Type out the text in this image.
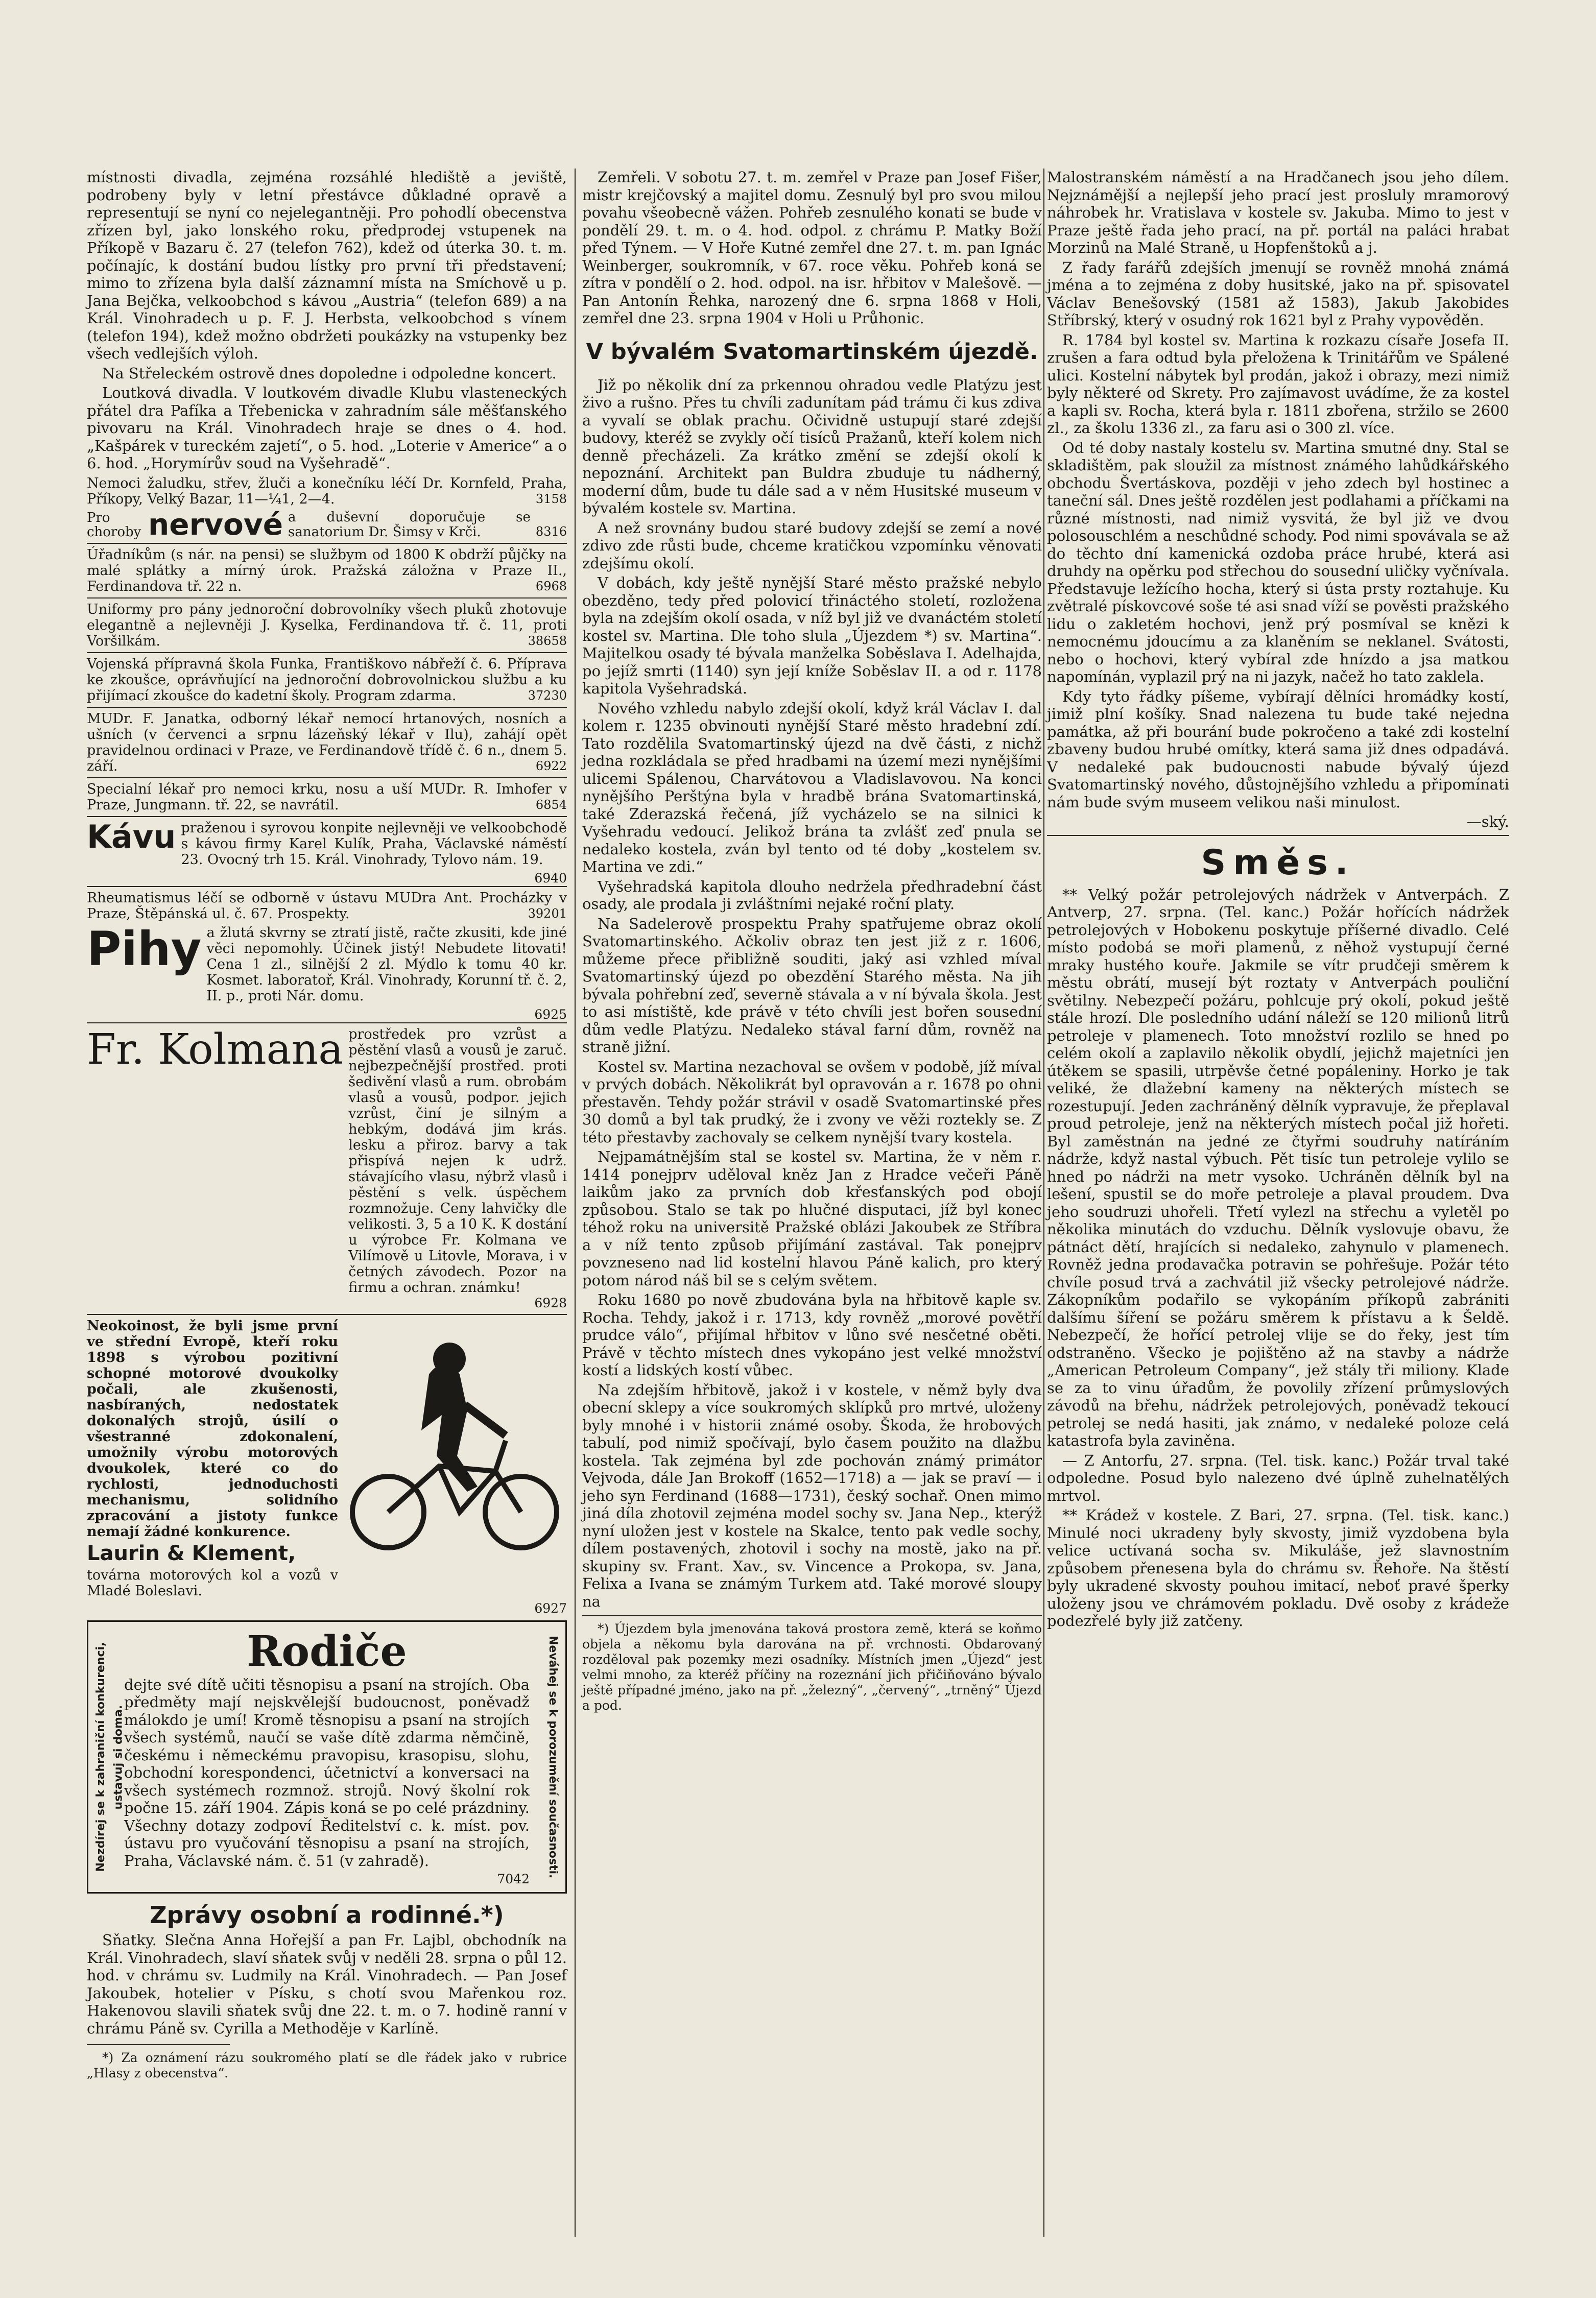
místnosti divadla, zejména rozsáhlé hlediště a jeviště, podrobeny byly v letní přestávce důkladné opravě a representují se nyní co nejelegantněji. Pro pohodlí obecenstva zřízen byl, jako lonského roku, předprodej vstupenek na Příkopě v Bazaru č. 27 (telefon 762), kdež od úterka 30. t. m. počínajíc, k dostání budou lístky pro první tři představení; mimo to zřízena byla další záznamní místa na Smíchově u p. Jana Bejčka, velkoobchod s kávou „Austria“ (telefon 689) a na Král. Vinohradech u p. F. J. Herbsta, velkoobchod s vínem (telefon 194), kdež možno obdržeti poukázky na vstupenky bez všech vedlejších výloh.

Na Střeleckém ostrově dnes dopoledne i odpoledne koncert.

Loutková divadla. V loutkovém divadle Klubu vlasteneckých přátel dra Pafíka a Třebenicka v zahradním sále měšťanského pivovaru na Král. Vinohradech hraje se dnes o 4. hod. „Kašpárek v tureckém zajetí“, o 5. hod. „Loterie v Americe“ a o 6. hod. „Horymírův soud na Vyšehradě“.

Nemoci žaludku, střev, žluči a konečníku léčí Dr. Kornfeld, Praha, Příkopy, Velký Bazar, 11—¼1, 2—4.	3158

Pro choroby nervové a duševní doporučuje se sanatorium Dr. Šimsy v Krči.	8316

Úřadníkům (s nár. na pensi) se službym od 1800 K obdrží půjčky na malé splátky a mírný úrok. Pražská záložna v Praze II., Ferdinandova tř. 22 n.	6968

Uniformy pro pány jednoroční dobrovolníky všech pluků zhotovuje elegantně a nejlevněji J. Kyselka, Ferdinandova tř. č. 11, proti Voršilkám.	38658

Vojenská přípravná škola Funka, Františkovo nábřeží č. 6. Příprava ke zkoušce, oprávňující na jednoroční dobrovolnickou službu a ku přijímací zkoušce do kadetní školy. Program zdarma.	37230

MUDr. F. Janatka, odborný lékař nemocí hrtanových, nosních a ušních (v červenci a srpnu lázeňský lékař v Ilu), zahájí opět pravidelnou ordinaci v Praze, ve Ferdinandově třídě č. 6 n., dnem 5. září.	6922

Specialní lékař pro nemoci krku, nosu a uší MUDr. R. Imhofer v Praze, Jungmann. tř. 22, se navrátil.	6854

Kávu praženou i syrovou konpite nejlevněji ve velkoobchodě s kávou firmy Karel Kulík, Praha, Václavské náměstí 23. Ovocný trh 15. Král. Vinohrady, Tylovo nám. 19.
6940

Rheumatismus léčí se odborně v ústavu MUDra Ant. Procházky v Praze, Štěpánská ul. č. 67. Prospekty.	39201

Pihy a žlutá skvrny se ztratí jistě, račte zkusiti, kde jiné věci nepomohly. Účinek jistý! Nebudete litovati! Cena 1 zl., silnější 2 zl. Mýdlo k tomu 40 kr. Kosmet. laboratoř, Král. Vinohrady, Korunní tř. č. 2, II. p., proti Nár. domu.
6925
Fr. Kolmana prostředek pro vzrůst a pěstění vlasů a vousů je zaruč. nejbezpečnější prostřed. proti šedivění vlasů a rum. obrobám vlasů a vousů, podpor. jejich vzrůst, činí je silným a hebkým, dodává jim krás. lesku a přiroz. barvy a tak přispívá nejen k udrž. stávajícího vlasu, nýbrž vlasů i pěstění s velk. úspěchem rozmnožuje. Ceny lahvičky dle velikosti. 3, 5 a 10 K. K dostání u výrobce Fr. Kolmana ve Vilímově u Litovle, Morava, i v četných závodech. Pozor na firmu a ochran. známku!
6928

Neokoinost, že byli jsme první ve střední Evropě, kteří roku 1898 s výrobou pozitivní schopné motorové dvoukolky počali, ale zkušenosti, nasbíraných, nedostatek dokonalých strojů, úsilí o všestranné zdokonalení, umožnily výrobu motorových dvoukolek, které co do rychlosti, jednoduchosti mechanismu, solidního zpracování a jistoty funkce nemají žádné konkurence.

Laurin & Klement,

továrna motorových kol a vozů v Mladé Boleslavi.

6927
Nezdírej se k zahraniční konkurenci, ustavuj si doma.	Neváhej se k porozumění současnosti.
Rodiče

dejte své dítě učiti těsnopisu a psaní na strojích. Oba předměty mají nejskvělejší budoucnost, poněvadž málokdo je umí! Kromě těsnopisu a psaní na strojích všech systémů, naučí se vaše dítě zdarma němčině, českému i německému pravopisu, krasopisu, slohu, obchodní korespondenci, účetnictví a konversaci na všech systémech rozmnož. strojů. Nový školní rok počne 15. září 1904. Zápis koná se po celé prázdniny. Všechny dotazy zodpoví Ředitelství c. k. míst. pov. ústavu pro vyučování těsnopisu a psaní na strojích, Praha, Václavské nám. č. 51 (v zahradě).

7042
Zprávy osobní a rodinné.*)

Sňatky. Slečna Anna Hořejší a pan Fr. Lajbl, obchodník na Král. Vinohradech, slaví sňatek svůj v neděli 28. srpna o půl 12. hod. v chrámu sv. Ludmily na Král. Vinohradech. — Pan Josef Jakoubek, hotelier v Písku, s chotí svou Mařenkou roz. Hakenovou slavili sňatek svůj dne 22. t. m. o 7. hodině ranní v chrámu Páně sv. Cyrilla a Methoděje v Karlíně.

*) Za oznámení rázu soukromého platí se dle řádek jako v rubrice „Hlasy z obecenstva“.

Zemřeli. V sobotu 27. t. m. zemřel v Praze pan Josef Fišer, mistr krejčovský a majitel domu. Zesnulý byl pro svou milou povahu všeobecně vážen. Pohřeb zesnulého konati se bude v pondělí 29. t. m. o 4. hod. odpol. z chrámu P. Matky Boží před Týnem. — V Hoře Kutné zemřel dne 27. t. m. pan Ignác Weinberger, soukromník, v 67. roce věku. Pohřeb koná se zítra v pondělí o 2. hod. odpol. na isr. hřbitov v Malešově. — Pan Antonín Řehka, narozený dne 6. srpna 1868 v Holi, zemřel dne 23. srpna 1904 v Holi u Průhonic.

V bývalém Svatomartinském újezdě.

Již po několik dní za prkennou ohradou vedle Platýzu jest živo a rušno. Přes tu chvíli zadunítam pád trámu či kus zdiva a vyvalí se oblak prachu. Očividně ustupují staré zdejší budovy, kteréž se zvykly očí tisíců Pražanů, kteří kolem nich denně přecházeli. Za krátko změní se zdejší okolí k nepoznání. Architekt pan Buldra zbuduje tu nádherný, moderní dům, bude tu dále sad a v něm Husitské museum v bývalém kostele sv. Martina.

A než srovnány budou staré budovy zdejší se zemí a nové zdivo zde růsti bude, chceme kratičkou vzpomínku věnovati zdejšímu okolí.

V dobách, kdy ještě nynější Staré město pražské nebylo obezděno, tedy před polovicí třináctého století, rozložena byla na zdejším okolí osada, v níž byl již ve dvanáctém století kostel sv. Martina. Dle toho slula „Újezdem *) sv. Martina“. Majitelkou osady té bývala manželka Soběslava I. Adelhajda, po jejíž smrti (1140) syn její kníže Soběslav II. a od r. 1178 kapitola Vyšehradská.

Nového vzhledu nabylo zdejší okolí, když král Václav I. dal kolem r. 1235 obvinouti nynější Staré město hradební zdí. Tato rozdělila Svatomartinský újezd na dvě části, z nichž jedna rozkládala se před hradbami na území mezi nynějšími ulicemi Spálenou, Charvátovou a Vladislavovou. Na konci nynějšího Perštýna byla v hradbě brána Svatomartinská, také Zderazská řečená, jíž vycházelo se na silnici k Vyšehradu vedoucí. Jelikož brána ta zvlášť zeď pnula se nedaleko kostela, zván byl tento od té doby „kostelem sv. Martina ve zdi.“

Vyšehradská kapitola dlouho nedržela předhradební část osady, ale prodala ji zvláštními nejaké roční platy.

Na Sadelerově prospektu Prahy spatřujeme obraz okolí Svatomartinského. Ačkoliv obraz ten jest již z r. 1606, můžeme přece přibližně souditi, jaký asi vzhled míval Svatomartinský újezd po obezdění Starého města. Na jih bývala pohřební zeď, severně stávala a v ní bývala škola. Jest to asi místiště, kde právě v této chvíli jest bořen sousední dům vedle Platýzu. Nedaleko stával farní dům, rovněž na straně jižní.

Kostel sv. Martina nezachoval se ovšem v podobě, jíž míval v prvých dobách. Několikrát byl opravován a r. 1678 po ohni přestavěn. Tehdy požár strávil v osadě Svatomartinské přes 30 domů a byl tak prudký, že i zvony ve věži roztekly se. Z této přestavby zachovaly se celkem nynější tvary kostela.

Nejpamátnějším stal se kostel sv. Martina, že v něm r. 1414 ponejprv uděloval kněz Jan z Hradce večeři Páně laikům jako za prvních dob křesťanských pod obojí způsobou. Stalo se tak po hlučné disputaci, jíž byl konec téhož roku na universitě Pražské oblázi Jakoubek ze Stříbra a v níž tento způsob přijímání zastával. Tak ponejprv povzneseno nad lid kostelní hlavou Páně kalich, pro který potom národ náš bil se s celým světem.

Roku 1680 po nově zbudována byla na hřbitově kaple sv. Rocha. Tehdy, jakož i r. 1713, kdy rovněž „morové povětří prudce válo“, přijímal hřbitov v lůno své nesčetné oběti. Právě v těchto místech dnes vykopáno jest velké množství kostí a lidských kostí vůbec.

Na zdejším hřbitově, jakož i v kostele, v němž byly dva obecní sklepy a více soukromých sklípků pro mrtvé, uloženy byly mnohé i v historii známé osoby. Škoda, že hrobových tabulí, pod nimiž spočívají, bylo časem použito na dlažbu kostela. Tak zejména byl zde pochován známý primátor Vejvoda, dále Jan Brokoff (1652—1718) a — jak se praví — i jeho syn Ferdinand (1688—1731), český sochař. Onen mimo jiná díla zhotovil zejména model sochy sv. Jana Nep., kterýž nyní uložen jest v kostele na Skalce, tento pak vedle sochy, dílem postavených, zhotovil i sochy na mostě, jako na př. skupiny sv. Frant. Xav., sv. Vincence a Prokopa, sv. Jana, Felixa a Ivana se známým Turkem atd. Také morové sloupy na

*) Újezdem byla jmenována taková prostora země, která se koňmo objela a někomu byla darována na př. vrchnosti. Obdarovaný rozděloval pak pozemky mezi osadníky. Místních jmen „Újezd“ jest velmi mnoho, za kteréž příčiny na rozeznání jich přičiňováno bývalo ještě případné jméno, jako na př. „železný“, „červený“, „trněný“ Újezd a pod.

Malostranském náměstí a na Hradčanech jsou jeho dílem. Nejznámější a nejlepší jeho prací jest prosluly mramorový náhrobek hr. Vratislava v kostele sv. Jakuba. Mimo to jest v Praze ještě řada jeho prací, na př. portál na paláci hrabat Morzinů na Malé Straně, u Hopfenštoků a j.

Z řady farářů zdejších jmenují se rovněž mnohá známá jména a to zejména z doby husitské, jako na př. spisovatel Václav Benešovský (1581 až 1583), Jakub Jakobides Stříbrský, který v osudný rok 1621 byl z Prahy vypověděn.

R. 1784 byl kostel sv. Martina k rozkazu císaře Josefa II. zrušen a fara odtud byla přeložena k Trinitářům ve Spálené ulici. Kostelní nábytek byl prodán, jakož i obrazy, mezi nimiž byly některé od Skrety. Pro zajímavost uvádíme, že za kostel a kapli sv. Rocha, která byla r. 1811 zbořena, stržilo se 2600 zl., za školu 1336 zl., za faru asi o 300 zl. více.

Od té doby nastaly kostelu sv. Martina smutné dny. Stal se skladištěm, pak sloužil za místnost známého lahůdkářského obchodu Švertáskova, později v jeho zdech byl hostinec a taneční sál. Dnes ještě rozdělen jest podlahami a příčkami na různé místnosti, nad nimiž vysvitá, že byl již ve dvou polosouschlém a neschůdné schody. Pod nimi spovávala se až do těchto dní kamenická ozdoba práce hrubé, která asi druhdy na opěrku pod střechou do sousední uličky vyčnívala. Představuje ležícího hocha, který si ústa prsty roztahuje. Ku zvětralé pískovcové soše té asi snad víží se pověsti pražského lidu o zakletém hochovi, jenž prý posmíval se knězi k nemocnému jdoucímu a za klaněním se neklanel. Svátosti, nebo o hochovi, který vybíral zde hnízdo a jsa matkou napomínán, vyplazil prý na ni jazyk, načež ho tato zaklela.

Kdy tyto řádky píšeme, vybírají dělníci hromádky kostí, jimiž plní košíky. Snad nalezena tu bude také nejedna památka, až při bourání bude pokročeno a také zdi kostelní zbaveny budou hrubé omítky, která sama již dnes odpadává. V nedaleké pak budoucnosti nabude bývalý újezd Svatomartinský nového, důstojnějšího vzhledu a připomínati nám bude svým museem velikou naši minulost.

—ský.
Směs.

** Velký požár petrolejových nádržek v Antverpách. Z Antverp, 27. srpna. (Tel. kanc.) Požár hořících nádržek petrolejových v Hobokenu poskytuje příšerné divadlo. Celé místo podobá se moři plamenů, z něhož vystupují černé mraky hustého kouře. Jakmile se vítr prudčeji směrem k městu obrátí, musejí být roztaty v Antverpách pouliční světilny. Nebezpečí požáru, pohlcuje prý okolí, pokud ještě stále hrozí. Dle posledního udání náleží se 120 milionů litrů petroleje v plamenech. Toto množství rozlilo se hned po celém okolí a zaplavilo několik obydlí, jejichž majetníci jen útěkem se spasili, utrpěvše četné popáleniny. Horko je tak veliké, že dlažební kameny na některých místech se rozestupují. Jeden zachráněný dělník vypravuje, že přeplaval proud petroleje, jenž na některých místech počal již hořeti. Byl zaměstnán na jedné ze čtyřmi soudruhy natíráním nádrže, když nastal výbuch. Pět tisíc tun petroleje vylilo se hned po nádrži na metr vysoko. Uchráněn dělník byl na lešení, spustil se do moře petroleje a plaval proudem. Dva jeho soudruzi uhořeli. Třetí vylezl na střechu a vyletěl po několika minutách do vzduchu. Dělník vyslovuje obavu, že pátnáct dětí, hrajících si nedaleko, zahynulo v plamenech. Rovněž jedna prodavačka potravin se pohřešuje. Požár této chvíle posud trvá a zachvátil již všecky petrolejové nádrže. Zákopníkům podařilo se vykopáním příkopů zabrániti dalšímu šíření se požáru směrem k přístavu a k Šeldě. Nebezpečí, že hořící petrolej vlije se do řeky, jest tím odstraněno. Všecko je pojištěno až na stavby a nádrže „American Petroleum Company“, jež stály tři miliony. Klade se za to vinu úřadům, že povolily zřízení průmyslových závodů na břehu, nádržek petrolejových, poněvadž tekoucí petrolej se nedá hasiti, jak známo, v nedaleké poloze celá katastrofa byla zaviněna.

— Z Antorfu, 27. srpna. (Tel. tisk. kanc.) Požár trval také odpoledne. Posud bylo nalezeno dvé úplně zuhelnatělých mrtvol.

** Krádež v kostele. Z Bari, 27. srpna. (Tel. tisk. kanc.) Minulé noci ukradeny byly skvosty, jimiž vyzdobena byla velice uctívaná socha sv. Mikuláše, jež slavnostním způsobem přenesena byla do chrámu sv. Řehoře. Na štěstí byly ukradené skvosty pouhou imitací, neboť pravé šperky uloženy jsou ve chrámovém pokladu. Dvě osoby z krádeže podezřelé byly již zatčeny.
